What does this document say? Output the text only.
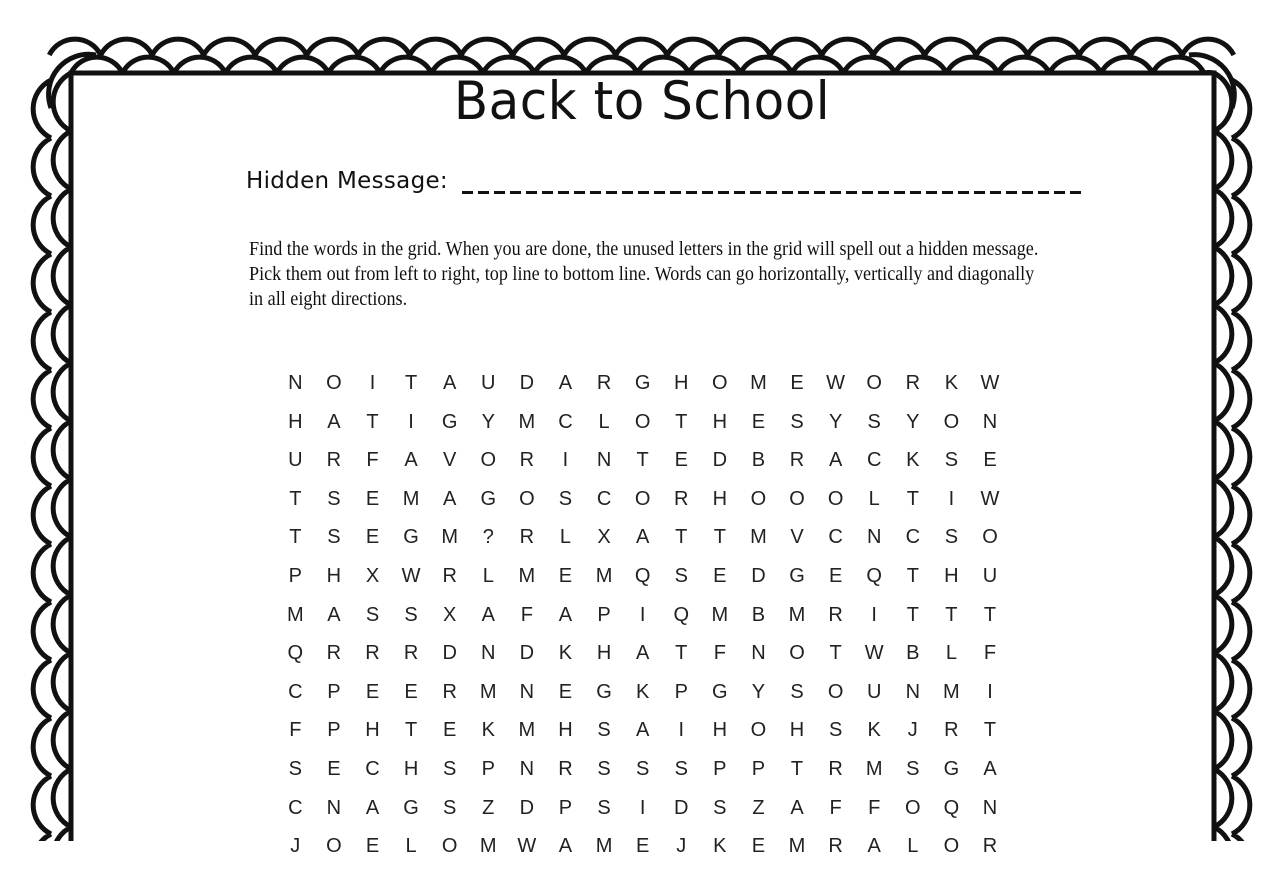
Back to School
Hidden Message:
Find the words in the grid. When you are done, the unused letters in the grid will spell out a hidden message. Pick them out from left to right, top line to bottom line. Words can go horizontally, vertically and diagonally in all eight directions.
N	O	I	T	A	U	D	A	R	G	H	O	M	E	W	O	R	K	W
H	A	T	I	G	Y	M	C	L	O	T	H	E	S	Y	S	Y	O	N
U	R	F	A	V	O	R	I	N	T	E	D	B	R	A	C	K	S	E
T	S	E	M	A	G	O	S	C	O	R	H	O	O	O	L	T	I	W
T	S	E	G	M	?	R	L	X	A	T	T	M	V	C	N	C	S	O
P	H	X	W	R	L	M	E	M	Q	S	E	D	G	E	Q	T	H	U
M	A	S	S	X	A	F	A	P	I	Q	M	B	M	R	I	T	T	T
Q	R	R	R	D	N	D	K	H	A	T	F	N	O	T	W	B	L	F
C	P	E	E	R	M	N	E	G	K	P	G	Y	S	O	U	N	M	I
F	P	H	T	E	K	M	H	S	A	I	H	O	H	S	K	J	R	T
S	E	C	H	S	P	N	R	S	S	S	P	P	T	R	M	S	G	A
C	N	A	G	S	Z	D	P	S	I	D	S	Z	A	F	F	O	Q	N
J	O	E	L	O	M	W	A	M	E	J	K	E	M	R	A	L	O	R
